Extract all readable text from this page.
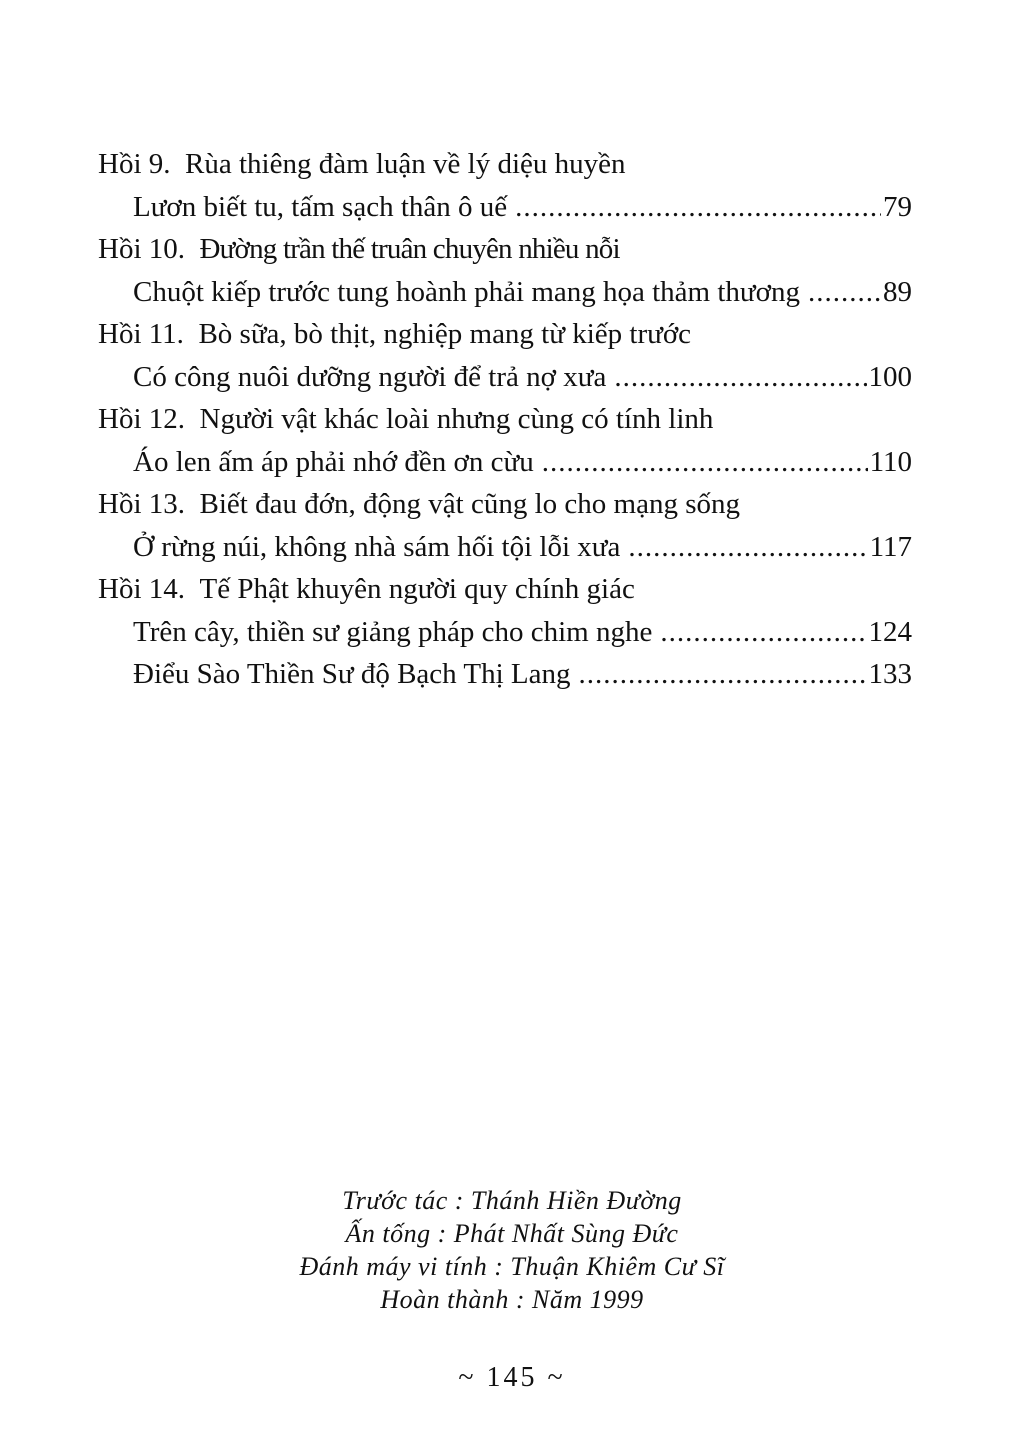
Hồi 9. Rùa thiêng đàm luận về lý diệu huyền
Lươn biết tu, tấm sạch thân ô uế .....	79
Hồi 10. Đường trần thế truân chuyên nhiều nỗi
Chuột kiếp trước tung hoành phải mang họa thảm thương .....	89
Hồi 11. Bò sữa, bò thịt, nghiệp mang từ kiếp trước
Có công nuôi dưỡng người để trả nợ xưa .....	100
Hồi 12. Người vật khác loài nhưng cùng có tính linh
Áo len ấm áp phải nhớ đền ơn cừu .....	110
Hồi 13. Biết đau đớn, động vật cũng lo cho mạng sống
Ở rừng núi, không nhà sám hối tội lỗi xưa .....	117
Hồi 14. Tế Phật khuyên người quy chính giác
Trên cây, thiền sư giảng pháp cho chim nghe .....	124
Điểu Sào Thiền Sư độ Bạch Thị Lang .....	133
Trước tác : Thánh Hiền Đường
Ấn tống : Phát Nhất Sùng Đức
Đánh máy vi tính : Thuận Khiêm Cư Sĩ
Hoàn thành : Năm 1999
~ 145 ~
